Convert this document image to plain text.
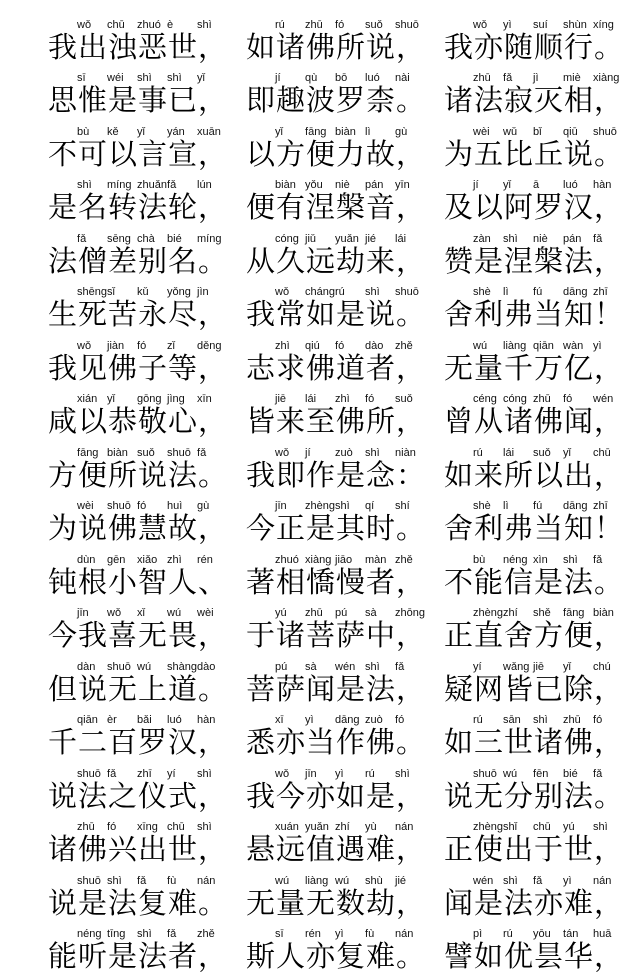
我wǒ
出chū
浊zhuó
恶è
世shì
， 如rú
诸zhū
佛fó
所suǒ
说shuō
， 我wǒ
亦yì
随suí
顺shùn
行xíng
。
思sī
惟wéi
是shì
事shì
已yǐ
， 即jí
趣qù
波bō
罗luó
柰nài
。 诸zhū
法fǎ
寂jì
灭miè
相xiàng
，
不bù
可kě
以yǐ
言yán
宣xuān
， 以yǐ
方fāng
便biàn
力lì
故gù
， 为wèi
五wǔ
比bǐ
丘qiū
说shuō
。
是shì
名míng
转zhuǎn
法fǎ
轮lún
， 便biàn
有yǒu
涅niè
槃pán
音yīn
， 及jí
以yǐ
阿ā
罗luó
汉hàn
，
法fǎ
僧sēng
差chà
别bié
名míng
。 从cóng
久jiǔ
远yuǎn
劫jié
来lái
， 赞zàn
是shì
涅niè
槃pán
法fǎ
，
生shēng
死sǐ
苦kǔ
永yǒng
尽jìn
， 我wǒ
常cháng
如rú
是shì
说shuō
。 舍shè
利lì
弗fú
当dāng
知zhī
！
我wǒ
见jiàn
佛fó
子zǐ
等děng
， 志zhì
求qiú
佛fó
道dào
者zhě
， 无wú
量liàng
千qiān
万wàn
亿yì
，
咸xián
以yǐ
恭gōng
敬jìng
心xīn
， 皆jiē
来lái
至zhì
佛fó
所suǒ
， 曾céng
从cóng
诸zhū
佛fó
闻wén
，
方fāng
便biàn
所suǒ
说shuō
法fǎ
。 我wǒ
即jí
作zuò
是shì
念niàn
： 如rú
来lái
所suǒ
以yǐ
出chū
，
为wèi
说shuō
佛fó
慧huì
故gù
， 今jīn
正zhèng
是shì
其qí
时shí
。 舍shè
利lì
弗fú
当dāng
知zhī
！
钝dùn
根gēn
小xiǎo
智zhì
人rén
、 著zhuó
相xiàng
憍jiāo
慢màn
者zhě
， 不bù
能néng
信xìn
是shì
法fǎ
。
今jīn
我wǒ
喜xǐ
无wú
畏wèi
， 于yú
诸zhū
菩pú
萨sà
中zhōng
， 正zhèng
直zhí
舍shě
方fāng
便biàn
，
但dàn
说shuō
无wú
上shàng
道dào
。 菩pú
萨sà
闻wén
是shì
法fǎ
， 疑yí
网wǎng
皆jiē
已yǐ
除chú
，
千qiān
二èr
百bǎi
罗luó
汉hàn
， 悉xī
亦yì
当dāng
作zuò
佛fó
。 如rú
三sān
世shì
诸zhū
佛fó
，
说shuō
法fǎ
之zhī
仪yí
式shì
， 我wǒ
今jīn
亦yì
如rú
是shì
， 说shuō
无wú
分fēn
别bié
法fǎ
。
诸zhū
佛fó
兴xīng
出chū
世shì
， 悬xuán
远yuǎn
值zhí
遇yù
难nán
， 正zhèng
使shǐ
出chū
于yú
世shì
，
说shuō
是shì
法fǎ
复fù
难nán
。 无wú
量liàng
无wú
数shù
劫jié
， 闻wén
是shì
法fǎ
亦yì
难nán
，
能néng
听tīng
是shì
法fǎ
者zhě
， 斯sī
人rén
亦yì
复fù
难nán
。 譬pì
如rú
优yōu
昙tán
华huā
，
